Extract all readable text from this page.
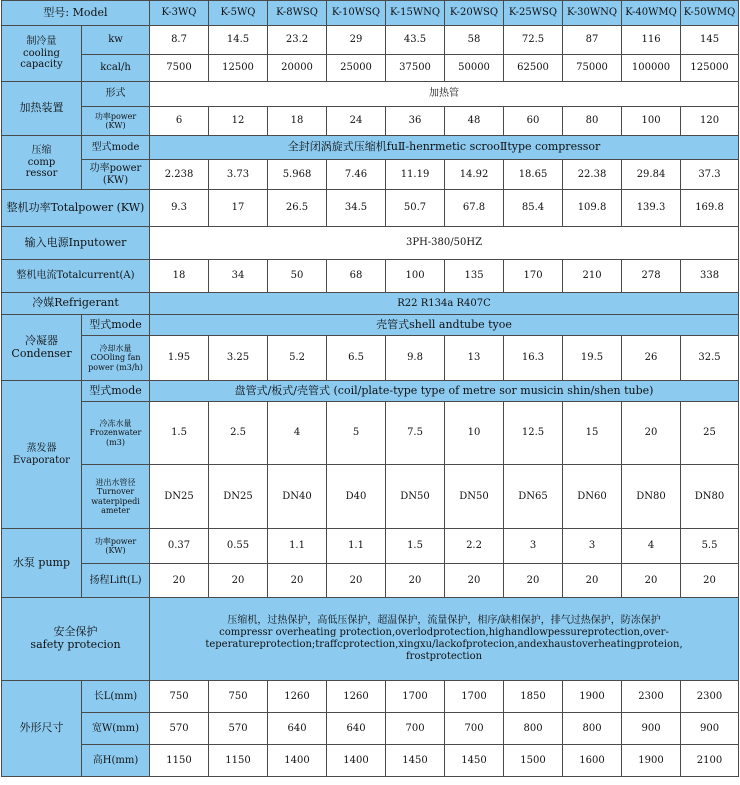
型号: Model		K-3WQ	K-5WQ	K-8WSQ	K-10WSQ	K-15WNQ	K-20WSQ	K-25WSQ	K-30WNQ	K-40WMQ	K-50WMQ
制冷量
cooling
capacity	kw	8.7	14.5	23.2	29	43.5	58	72.5	87	116	145
	kcal/h	7500	12500	20000	25000	37500	50000	62500	75000	100000	125000
加热装置	形式	加热管									
	功率power (KW)	6	12	18	24	36	48	60	80	100	120
压缩
comp
ressor	型式mode	全封闭涡旋式压缩机fuⅡ-henrmetic scrooⅡtype compressor									
	功率power (KW)	2.238	3.73	5.968	7.46	11.19	14.92	18.65	22.38	29.84	37.3
整机功率Totalpower (KW)		9.3	17	26.5	34.5	50.7	67.8	85.4	109.8	139.3	169.8
输入电源Inputower		3PH-380/50HZ									
整机电流Totalcurrent(A)		18	34	50	68	100	135	170	210	278	338
冷媒Refrigerant		R22 R134a R407C									
冷凝器
Condenser	型式mode	壳管式shell andtube tyoe									
	冷却水量 COOling fan power (m3/h)	1.95	3.25	5.2	6.5	9.8	13	16.3	19.5	26	32.5
蒸发器
Evaporator	型式mode	盘管式/板式/壳管式 (coil/plate-type type of metre sor musicin shin/shen tube)									
	冷冻水量 Frozenwater (m3)	1.5	2.5	4	5	7.5	10	12.5	15	20	25
	进出水管径 Turnover waterpipedi ameter	DN25	DN25	DN40	D40	DN50	DN50	DN65	DN60	DN80	DN80
水泵 pump	功率power (KW)	0.37	0.55	1.1	1.1	1.5	2.2	3	3	4	5.5
	扬程Lift(L)	20	20	20	20	20	20	20	20	20	20
安全保护
safety protecion		压缩机，过热保护，高低压保护，超温保护，流量保护，相序/缺相保护，排气过热保护，防冻保护
compressr overheating protection,overlodprotection,highandlowpessureprotection,over-
teperatureprotection;traffcprotection,xingxu/lackofprotecion,andexhaustoverheatingproteion,
frostprotection									

外形尺寸	长L(mm)	750	750	1260	1260	1700	1700	1850	1900	2300	2300
	宽W(mm)	570	570	640	640	700	700	800	800	900	900
	高H(mm)	1150	1150	1400	1400	1450	1450	1500	1600	1900	2100
